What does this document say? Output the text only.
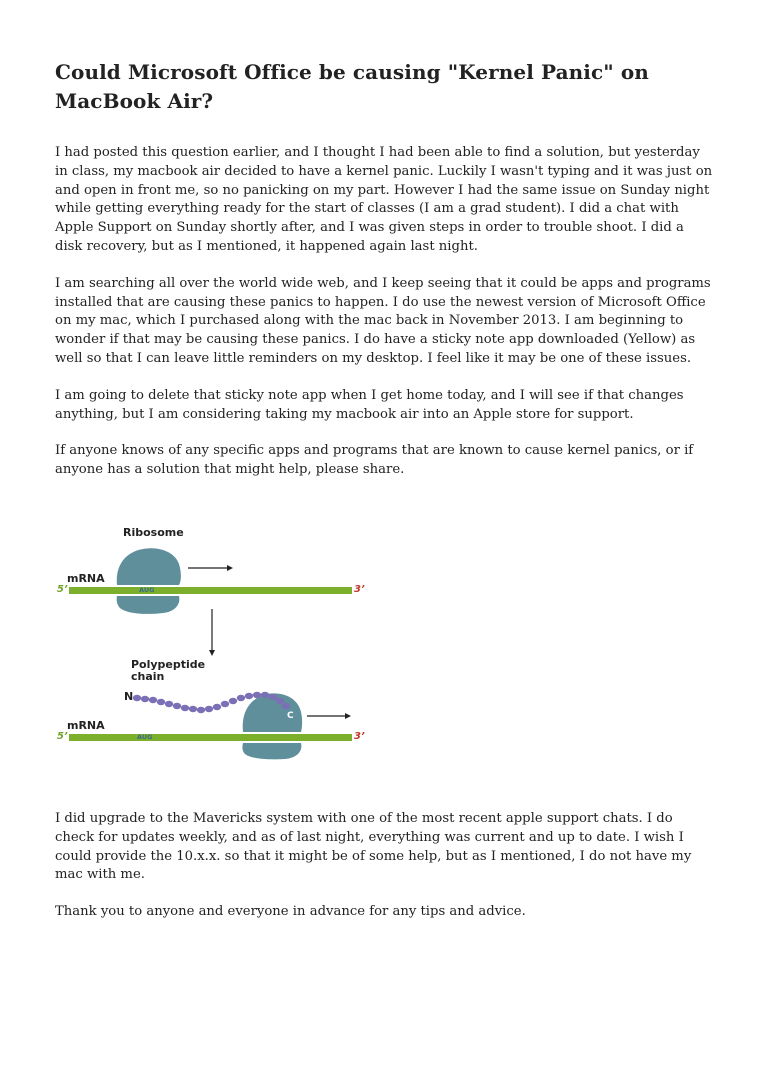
Could Microsoft Office be causing "Kernel Panic" on
MacBook Air?

I had posted this question earlier, and I thought I had been able to find a solution, but yesterday in class, my macbook air decided to have a kernel panic. Luckily I wasn't typing and it was just on and open in front me, so no panicking on my part. However I had the same issue on Sunday night while getting everything ready for the start of classes (I am a grad student). I did a chat with Apple Support on Sunday shortly after, and I was given steps in order to trouble shoot. I did a disk recovery, but as I mentioned, it happened again last night.

I am searching all over the world wide web, and I keep seeing that it could be apps and programs installed that are causing these panics to happen. I do use the newest version of Microsoft Office on my mac, which I purchased along with the mac back in November 2013. I am beginning to wonder if that may be causing these panics. I do have a sticky note app downloaded (Yellow) as well so that I can leave little reminders on my desktop. I feel like it may be one of these issues.

I am going to delete that sticky note app when I get home today, and I will see if that changes anything, but I am considering taking my macbook air into an Apple store for support.

If anyone knows of any specific apps and programs that are known to cause kernel panics, or if anyone has a solution that might help, please share.

Ribosome
mRNA
5’	3’
AUG
Polypeptide
chain
N
C
mRNA
5’	3’
AUG

I did upgrade to the Mavericks system with one of the most recent apple support chats. I do check for updates weekly, and as of last night, everything was current and up to date. I wish I could provide the 10.x.x. so that it might be of some help, but as I mentioned, I do not have my mac with me.

Thank you to anyone and everyone in advance for any tips and advice.
